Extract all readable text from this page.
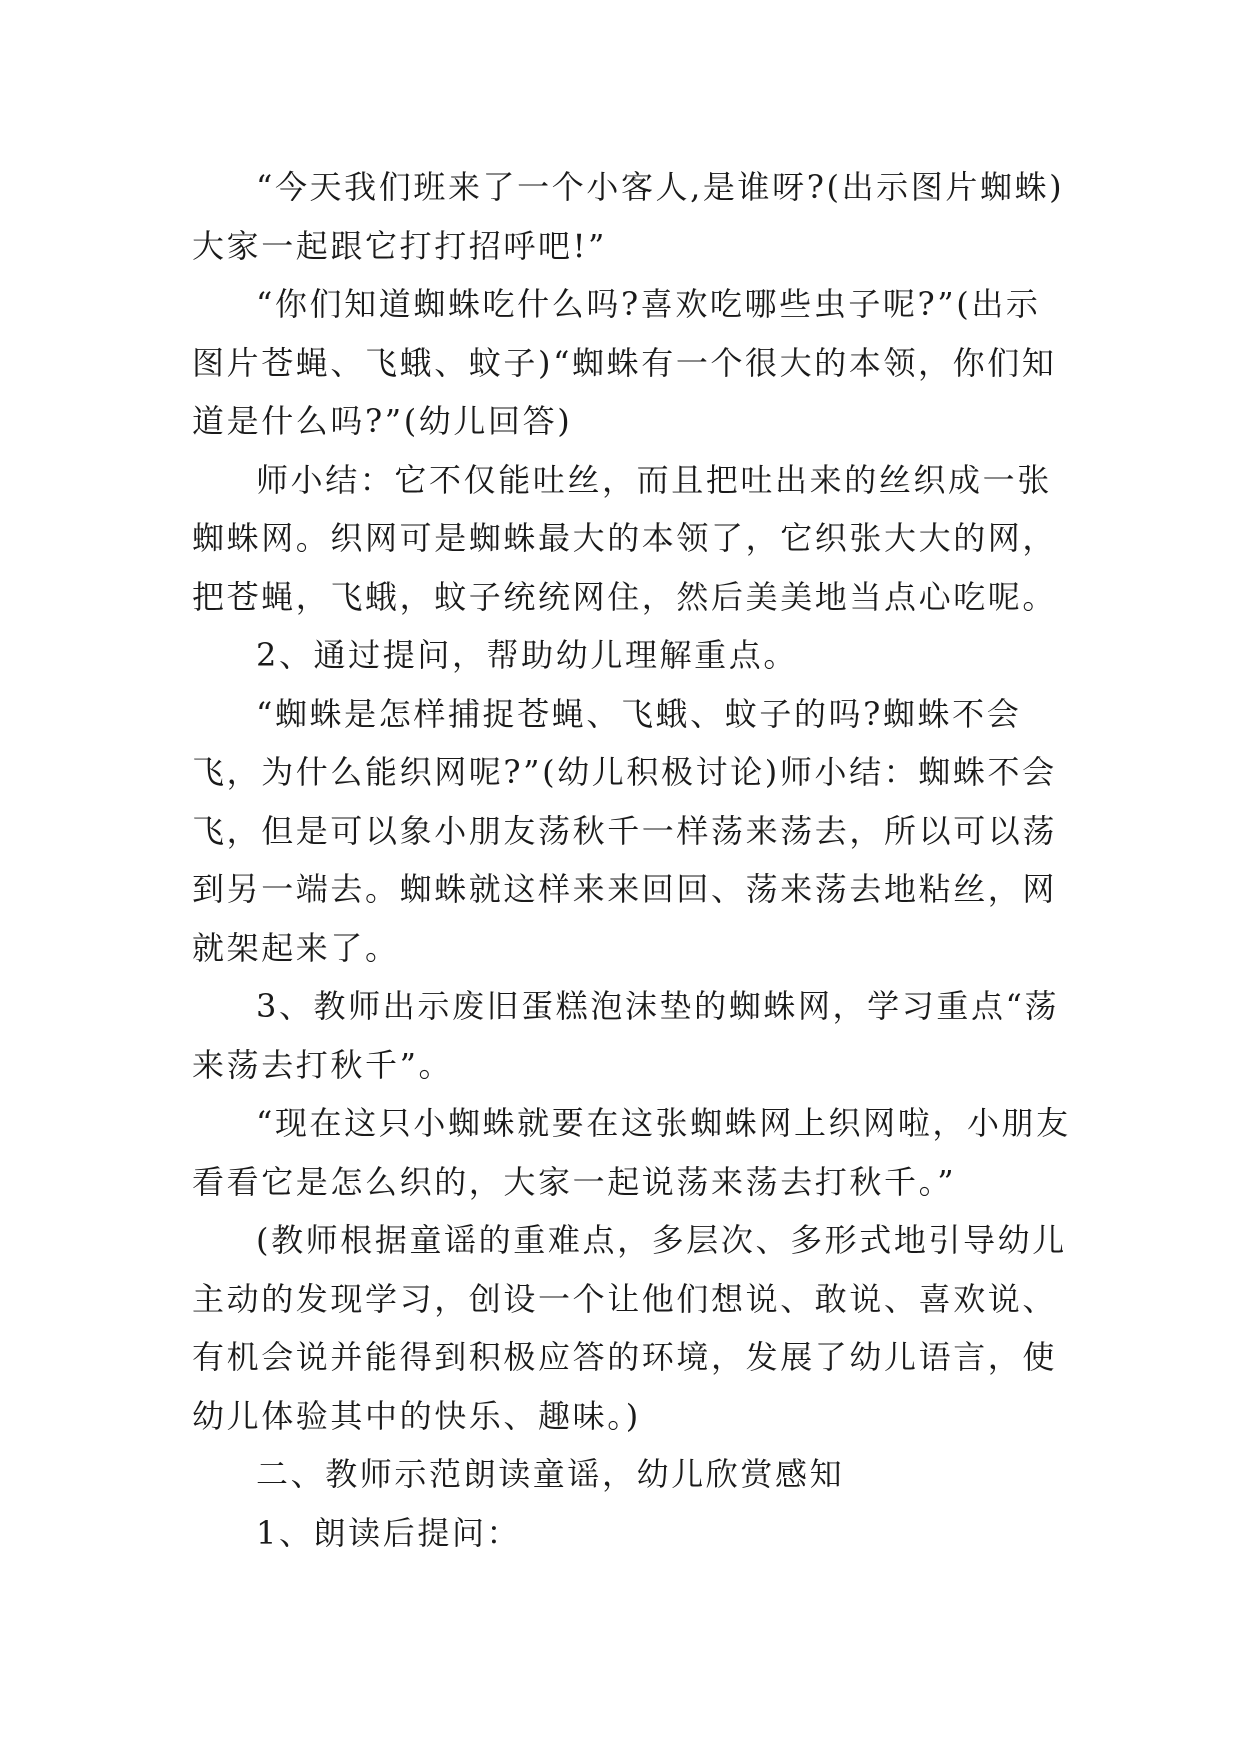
“今天我们班来了一个小客人,是谁呀?(出示图片蜘蛛)大家一起跟它打打招呼吧!”

“你们知道蜘蛛吃什么吗?喜欢吃哪些虫子呢?”(出示图片苍蝇、飞蛾、蚊子)“蜘蛛有一个很大的本领，你们知道是什么吗?”(幼儿回答)

师小结：它不仅能吐丝，而且把吐出来的丝织成一张蜘蛛网。织网可是蜘蛛最大的本领了，它织张大大的网，把苍蝇，飞蛾，蚊子统统网住，然后美美地当点心吃呢。

2、通过提问，帮助幼儿理解重点。

“蜘蛛是怎样捕捉苍蝇、飞蛾、蚊子的吗?蜘蛛不会飞，为什么能织网呢?”(幼儿积极讨论)师小结：蜘蛛不会飞，但是可以象小朋友荡秋千一样荡来荡去，所以可以荡到另一端去。蜘蛛就这样来来回回、荡来荡去地粘丝，网就架起来了。

3、教师出示废旧蛋糕泡沫垫的蜘蛛网，学习重点“荡来荡去打秋千”。

“现在这只小蜘蛛就要在这张蜘蛛网上织网啦，小朋友看看它是怎么织的，大家一起说荡来荡去打秋千。”

(教师根据童谣的重难点，多层次、多形式地引导幼儿主动的发现学习，创设一个让他们想说、敢说、喜欢说、有机会说并能得到积极应答的环境，发展了幼儿语言，使幼儿体验其中的快乐、趣味。)

二、教师示范朗读童谣，幼儿欣赏感知

1、朗读后提问：
